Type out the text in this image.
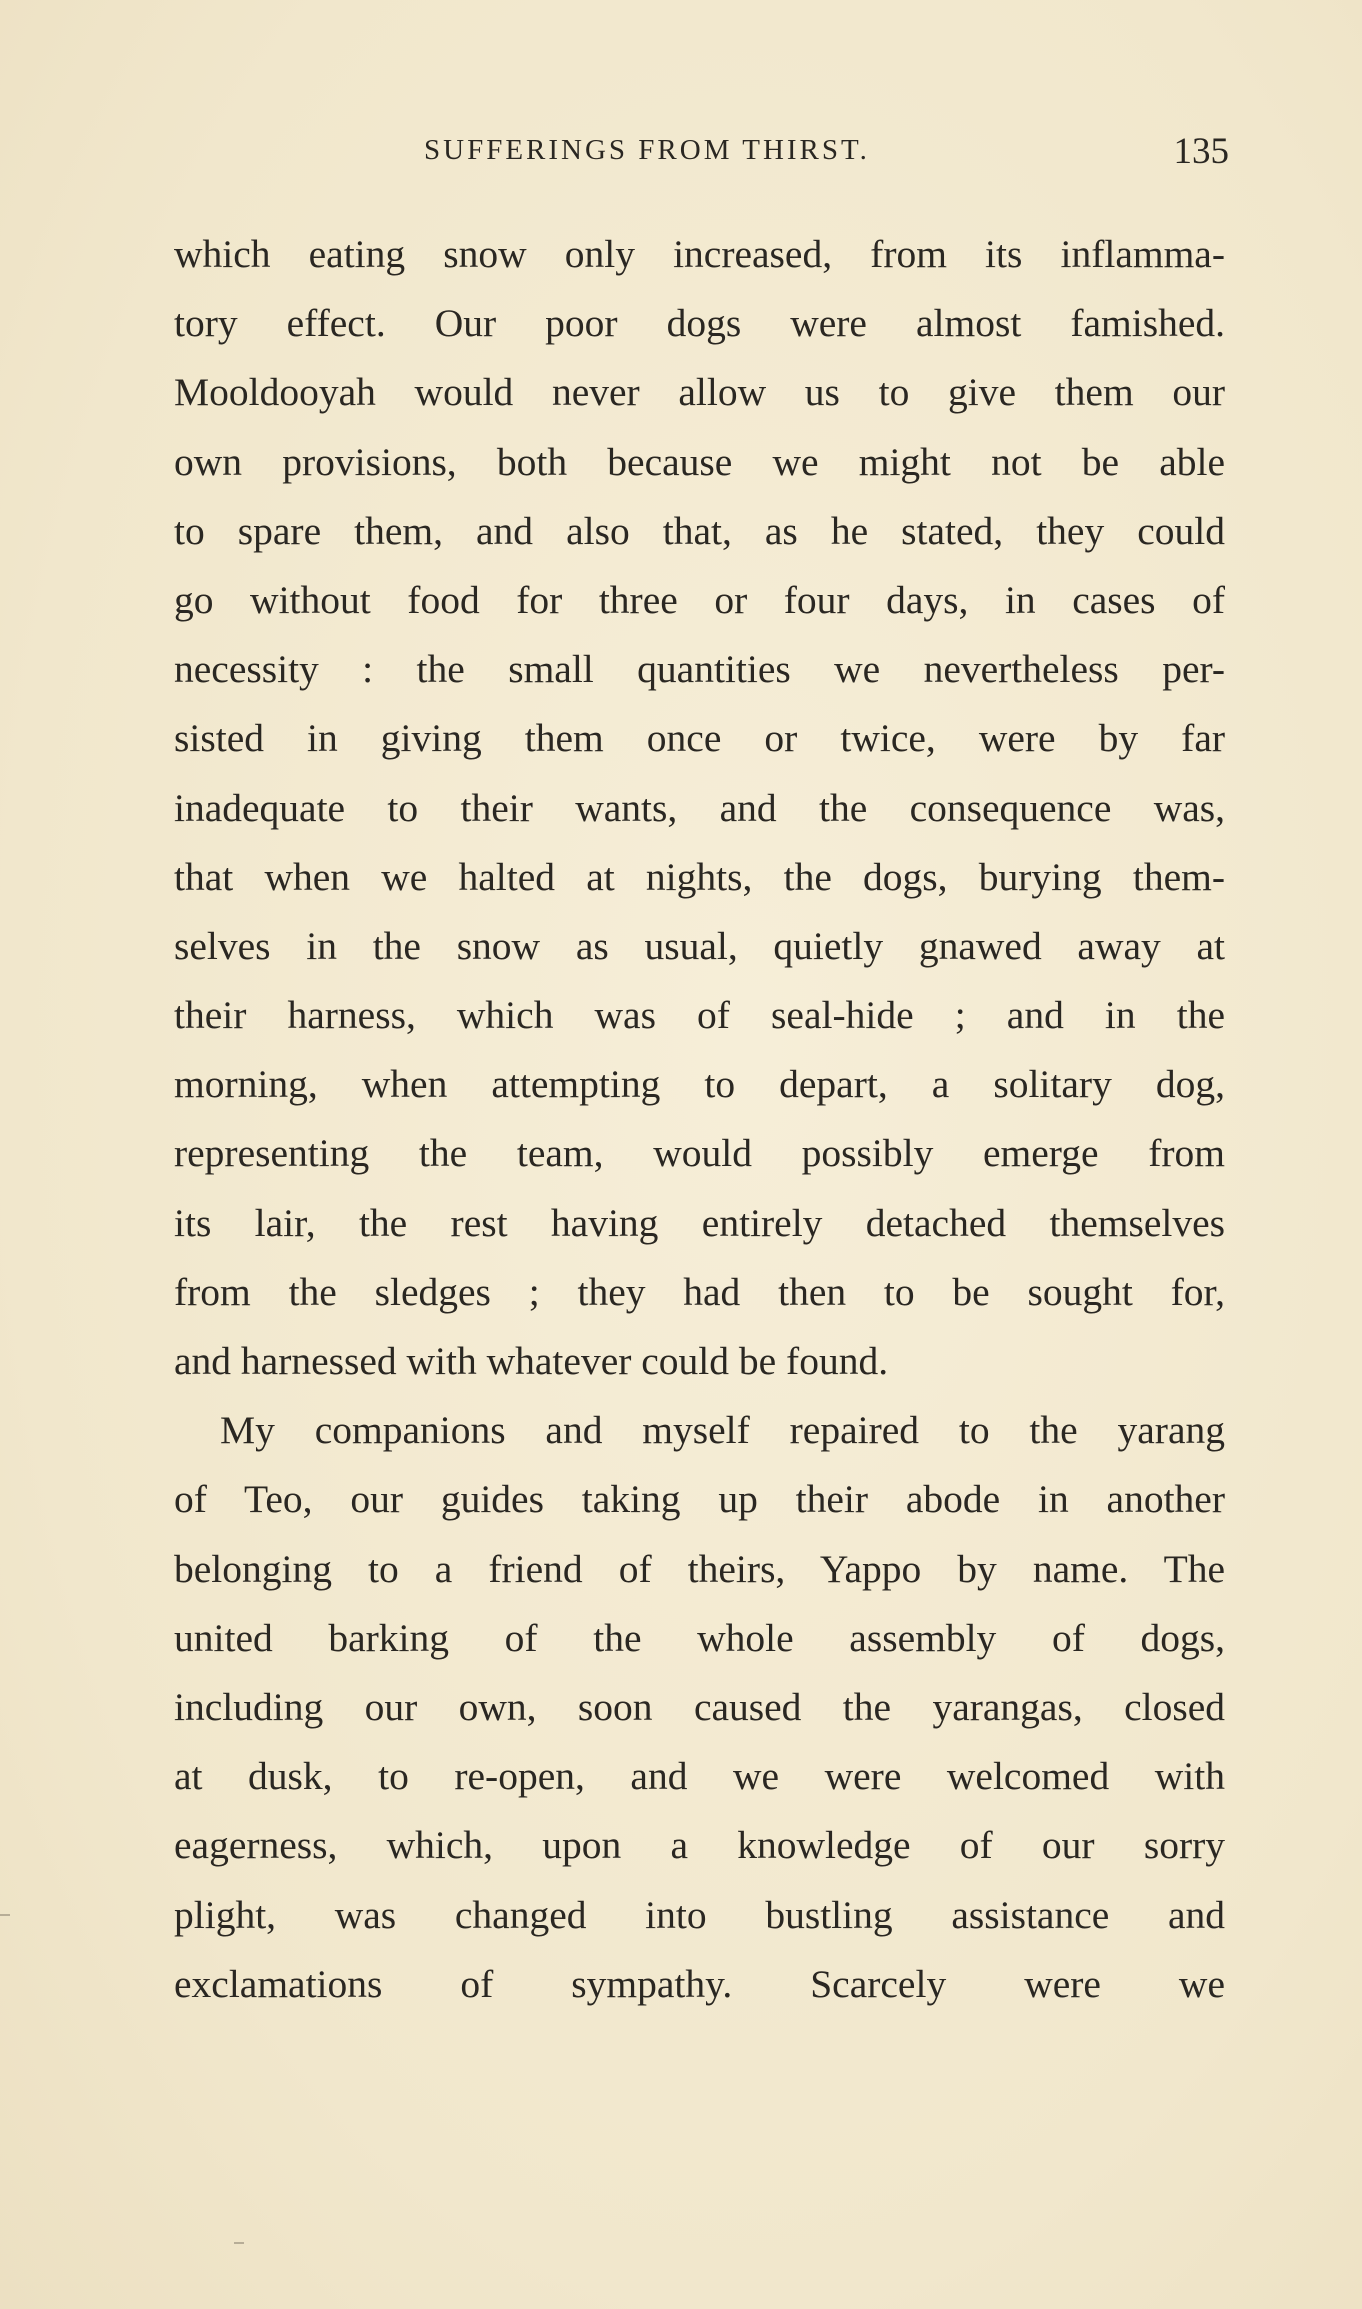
SUFFERINGS FROM THIRST.	135
which eating snow only increased, from its inflamma-
tory effect. Our poor dogs were almost famished.
Mooldooyah would never allow us to give them our
own provisions, both because we might not be able
to spare them, and also that, as he stated, they could
go without food for three or four days, in cases of
necessity : the small quantities we nevertheless per-
sisted in giving them once or twice, were by far
inadequate to their wants, and the consequence was,
that when we halted at nights, the dogs, burying them-
selves in the snow as usual, quietly gnawed away at
their harness, which was of seal-hide ; and in the
morning, when attempting to depart, a solitary dog,
representing the team, would possibly emerge from
its lair, the rest having entirely detached themselves
from the sledges ; they had then to be sought for,
and harnessed with whatever could be found.
My companions and myself repaired to the yarang
of Teo, our guides taking up their abode in another
belonging to a friend of theirs, Yappo by name. The
united barking of the whole assembly of dogs,
including our own, soon caused the yarangas, closed
at dusk, to re-open, and we were welcomed with
eagerness, which, upon a knowledge of our sorry
plight, was changed into bustling assistance and
exclamations of sympathy. Scarcely were we
